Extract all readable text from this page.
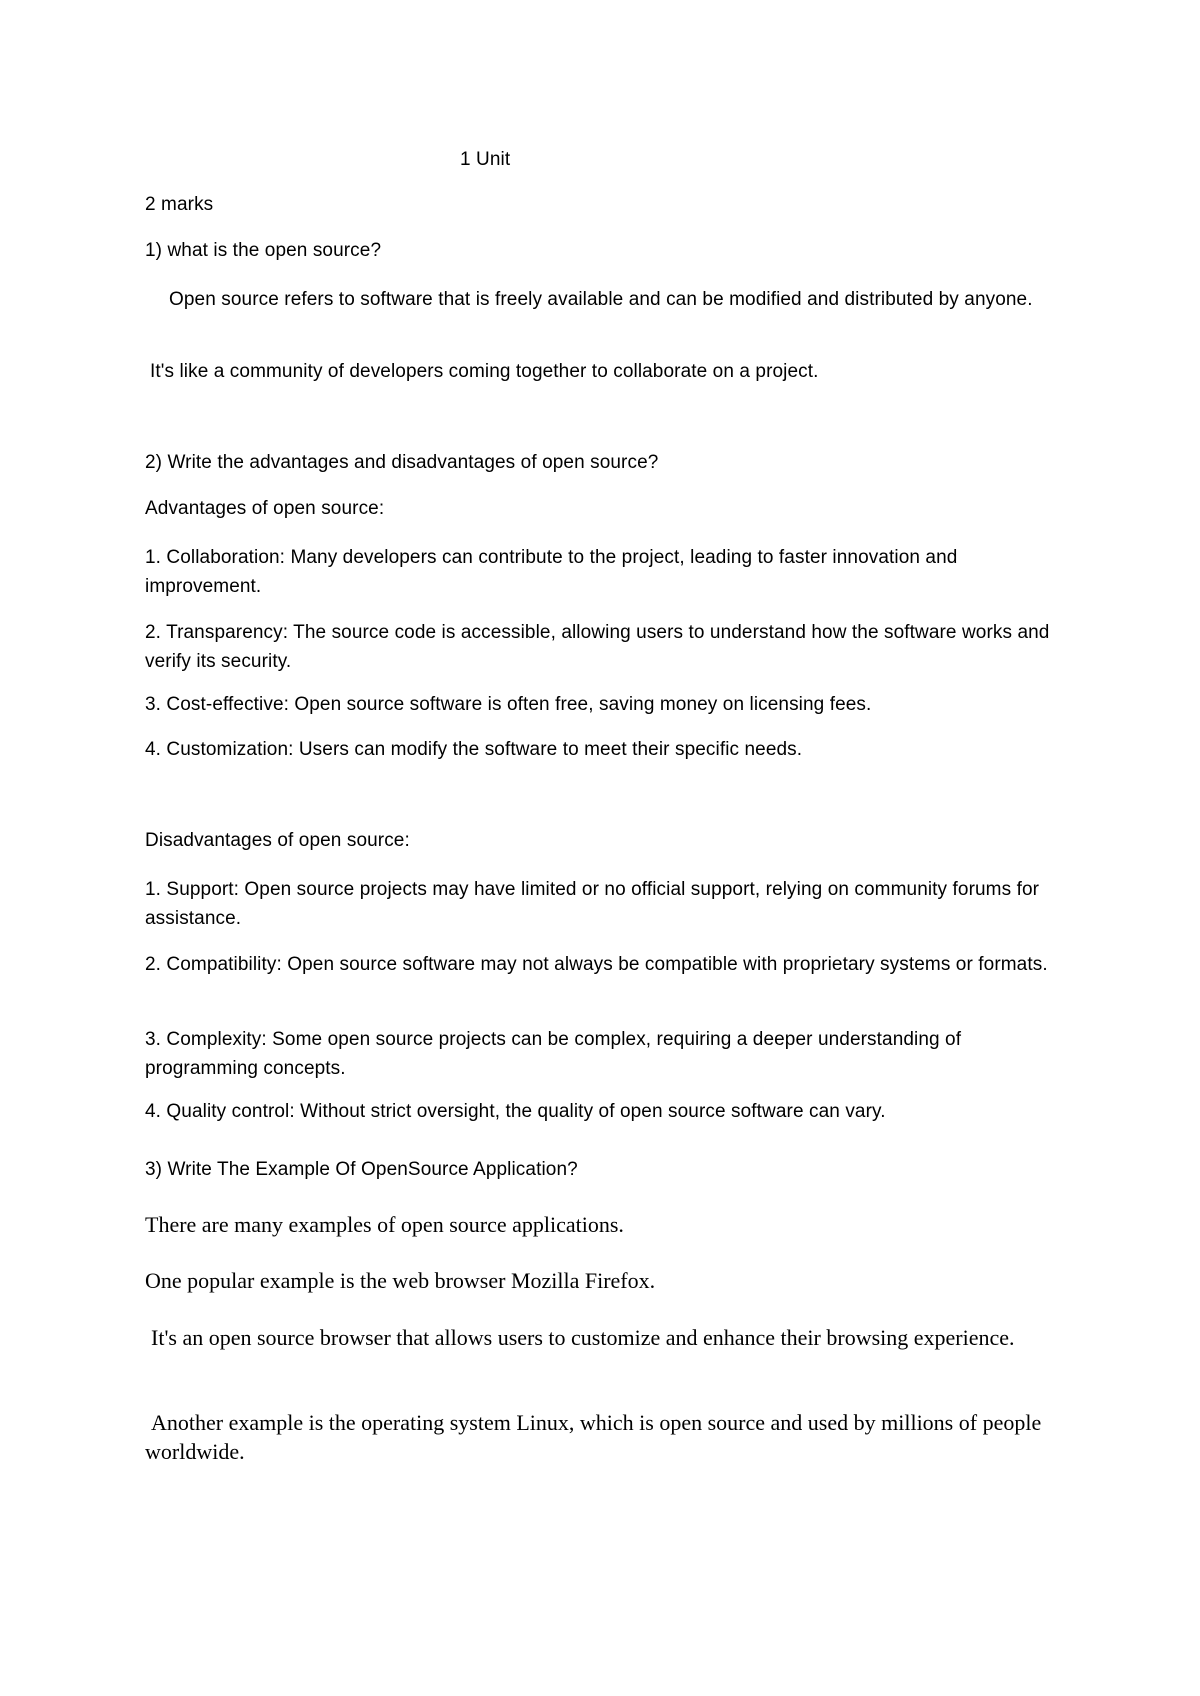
1 Unit
2 marks
1) what is the open source?
Open source refers to software that is freely available and can be modified and distributed by anyone.
It's like a community of developers coming together to collaborate on a project.
2) Write the advantages and disadvantages of open source?
Advantages of open source:
1. Collaboration: Many developers can contribute to the project, leading to faster innovation and improvement.
2. Transparency: The source code is accessible, allowing users to understand how the software works and verify its security.
3. Cost-effective: Open source software is often free, saving money on licensing fees.
4. Customization: Users can modify the software to meet their specific needs.
Disadvantages of open source:
1. Support: Open source projects may have limited or no official support, relying on community forums for assistance.
2. Compatibility: Open source software may not always be compatible with proprietary systems or formats.
3. Complexity: Some open source projects can be complex, requiring a deeper understanding of programming concepts.
4. Quality control: Without strict oversight, the quality of open source software can vary.
3) Write The Example Of OpenSource Application?
There are many examples of open source applications.
One popular example is the web browser Mozilla Firefox.
It's an open source browser that allows users to customize and enhance their browsing experience.
Another example is the operating system Linux, which is open source and used by millions of people worldwide.
